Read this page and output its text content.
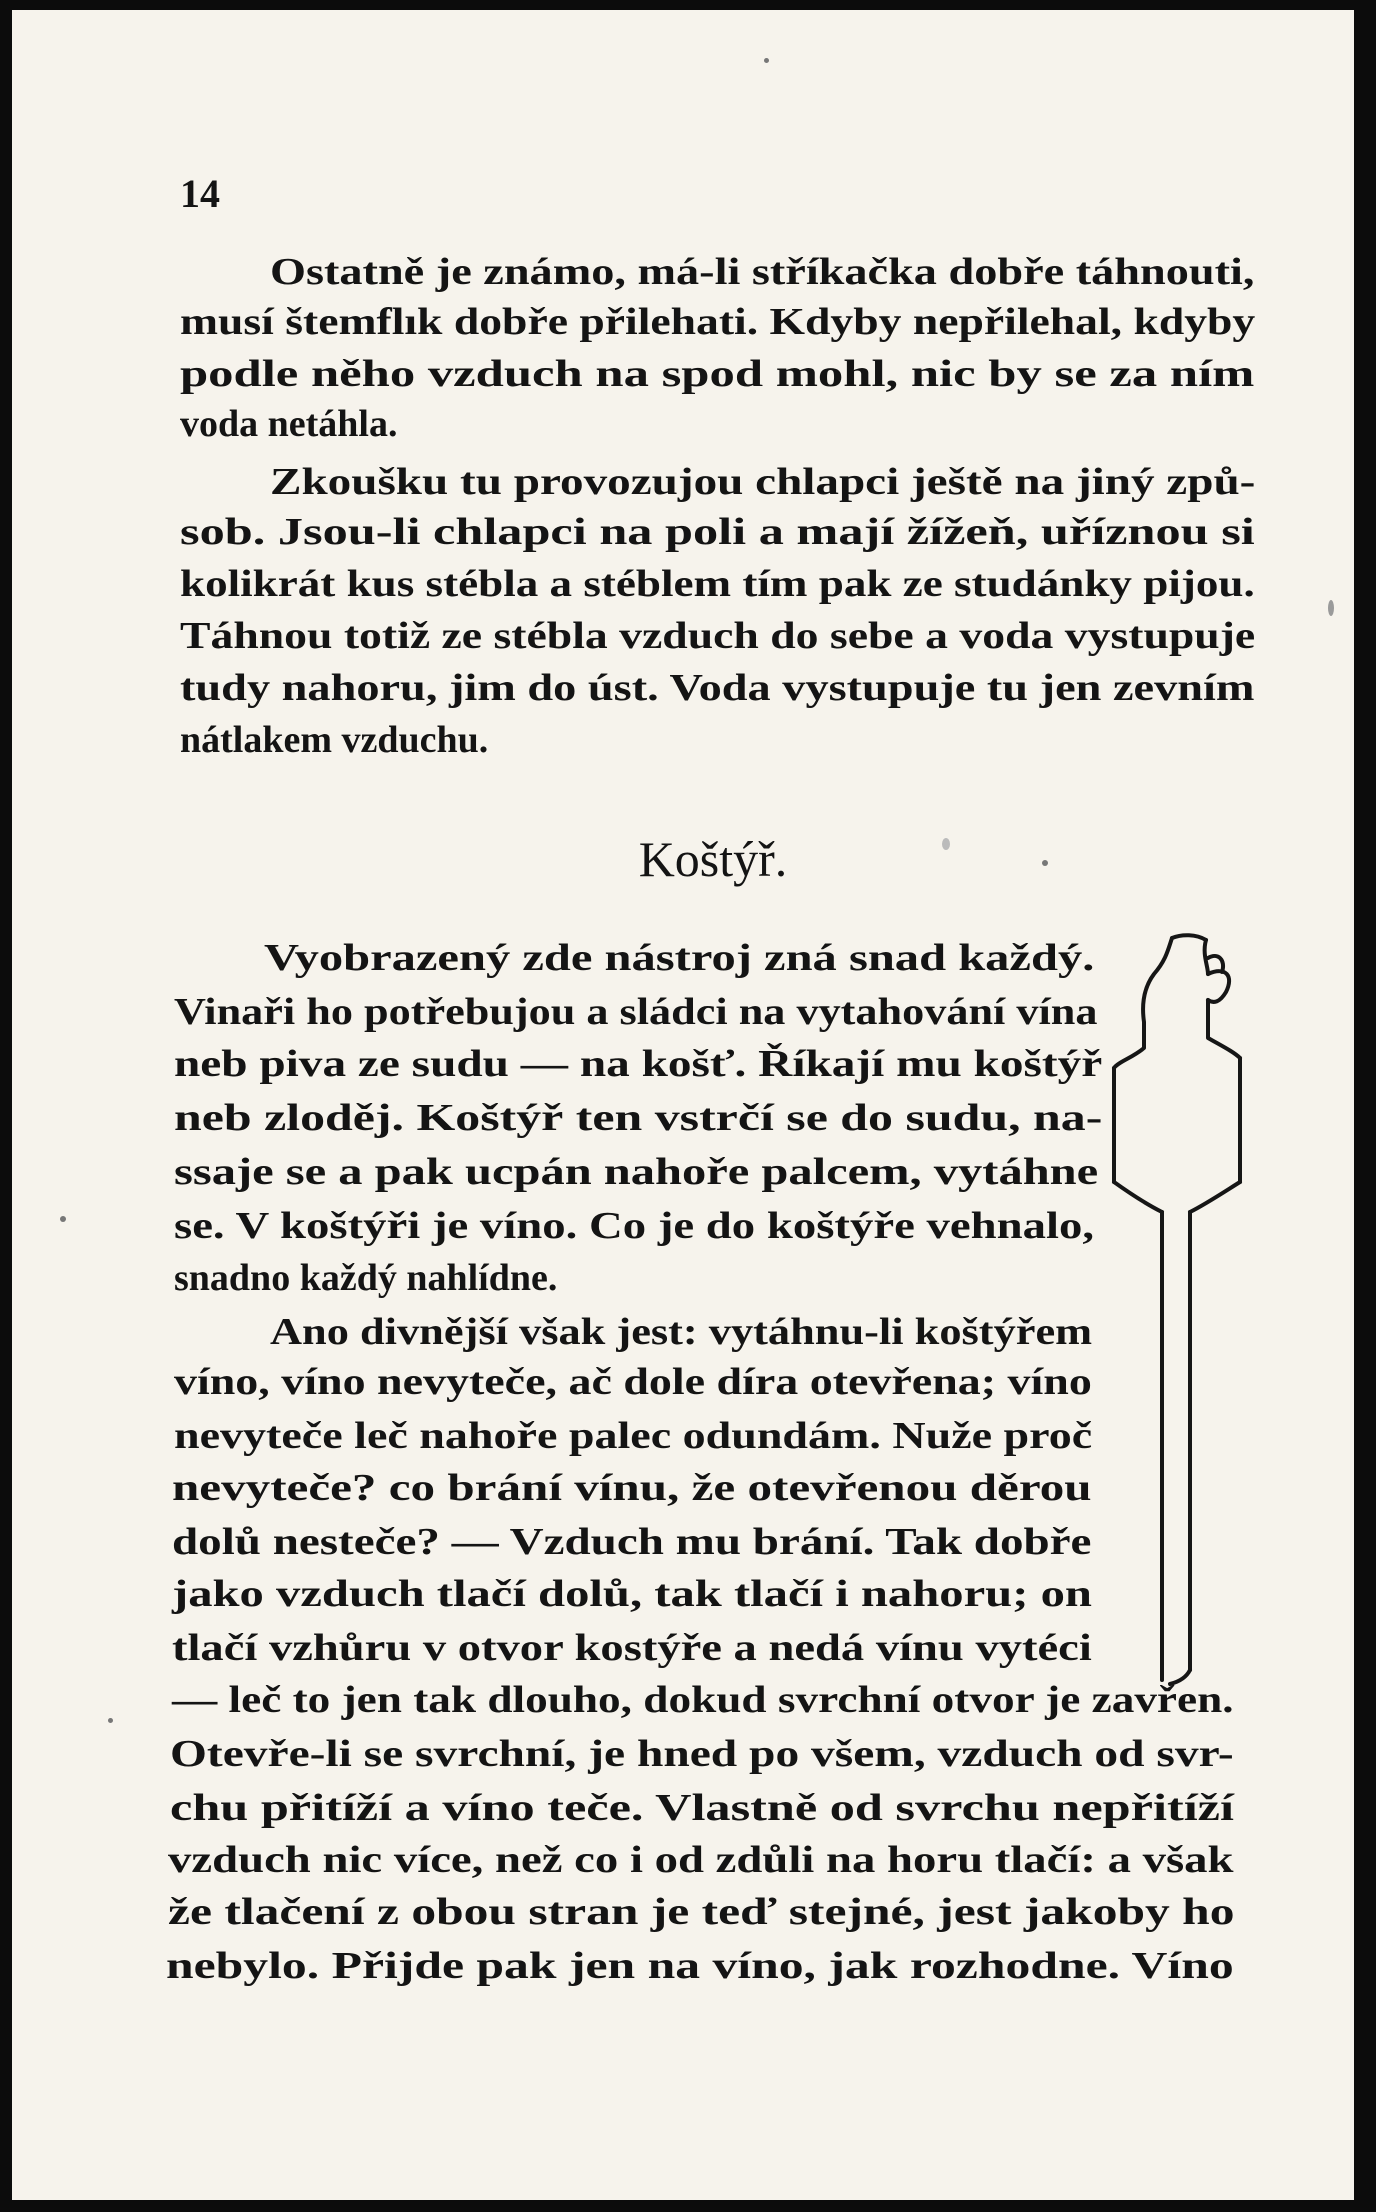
14
Ostatně je známo, má-li stříkačka dobře táhnouti,
musí štemflık dobře přilehati. Kdyby nepřilehal, kdyby
podle něho vzduch na spod mohl, nic by se za ním
voda netáhla.
Zkoušku tu provozujou chlapci ještě na jiný způ-
sob. Jsou-li chlapci na poli a mají žížeň, uříznou si
kolikrát kus stébla a stéblem tím pak ze studánky pijou.
Táhnou totiž ze stébla vzduch do sebe a voda vystupuje
tudy nahoru, jim do úst. Voda vystupuje tu jen zevním
nátlakem vzduchu.
Koštýř.
Vyobrazený zde nástroj zná snad každý.
Vinaři ho potřebujou a sládci na vytahování vína
neb piva ze sudu — na košť. Říkají mu koštýř
neb zloděj. Koštýř ten vstrčí se do sudu, na-
ssaje se a pak ucpán nahoře palcem, vytáhne
se. V koštýři je víno. Co je do koštýře vehnalo,
snadno každý nahlídne.
Ano divnější však jest: vytáhnu-li koštýřem
víno, víno nevyteče, ač dole díra otevřena; víno
nevyteče leč nahoře palec odundám. Nuže proč
nevyteče? co brání vínu, že otevřenou děrou
dolů nesteče? — Vzduch mu brání. Tak dobře
jako vzduch tlačí dolů, tak tlačí i nahoru; on
tlačí vzhůru v otvor kostýře a nedá vínu vytéci
— leč to jen tak dlouho, dokud svrchní otvor je zavřen.
Otevře-li se svrchní, je hned po všem, vzduch od svr-
chu přitíží a víno teče. Vlastně od svrchu nepřitíží
vzduch nic více, než co i od zdůli na horu tlačí: a však
že tlačení z obou stran je teď stejné, jest jakoby ho
nebylo. Přijde pak jen na víno, jak rozhodne. Víno
